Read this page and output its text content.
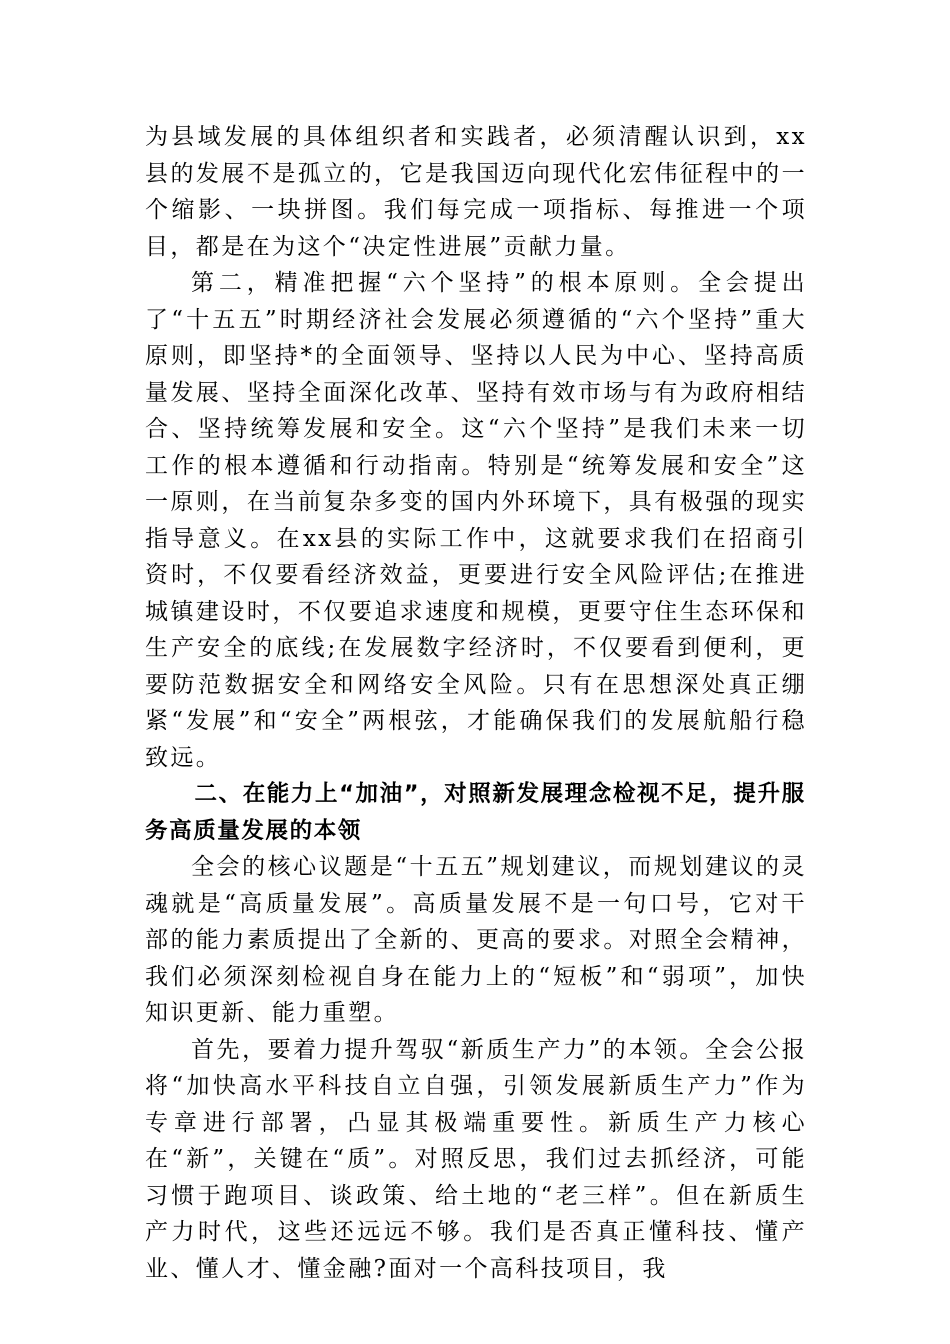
为县域发展的具体组织者和实践者，必须清醒认识到，xx县的发展不是孤立的，它是我国迈向现代化宏伟征程中的一个缩影、一块拼图。我们每完成一项指标、每推进一个项目，都是在为这个“决定性进展”贡献力量。

第二，精准把握“六个坚持”的根本原则。全会提出了“十五五”时期经济社会发展必须遵循的“六个坚持”重大原则，即坚持*的全面领导、坚持以人民为中心、坚持高质量发展、坚持全面深化改革、坚持有效市场与有为政府相结合、坚持统筹发展和安全。这“六个坚持”是我们未来一切工作的根本遵循和行动指南。特别是“统筹发展和安全”这一原则，在当前复杂多变的国内外环境下，具有极强的现实指导意义。在xx县的实际工作中，这就要求我们在招商引资时，不仅要看经济效益，更要进行安全风险评估;在推进城镇建设时，不仅要追求速度和规模，更要守住生态环保和生产安全的底线;在发展数字经济时，不仅要看到便利，更要防范数据安全和网络安全风险。只有在思想深处真正绷紧“发展”和“安全”两根弦，才能确保我们的发展航船行稳致远。

二、在能力上“加油”，对照新发展理念检视不足，提升服务高质量发展的本领

全会的核心议题是“十五五”规划建议，而规划建议的灵魂就是“高质量发展”。高质量发展不是一句口号，它对干部的能力素质提出了全新的、更高的要求。对照全会精神，我们必须深刻检视自身在能力上的“短板”和“弱项”，加快知识更新、能力重塑。

首先，要着力提升驾驭“新质生产力”的本领。全会公报将“加快高水平科技自立自强，引领发展新质生产力”作为专章进行部署，凸显其极端重要性。新质生产力核心在“新”，关键在“质”。对照反思，我们过去抓经济，可能习惯于跑项目、谈政策、给土地的“老三样”。但在新质生产力时代，这些还远远不够。我们是否真正懂科技、懂产业、懂人才、懂金融?面对一个高科技项目，我
